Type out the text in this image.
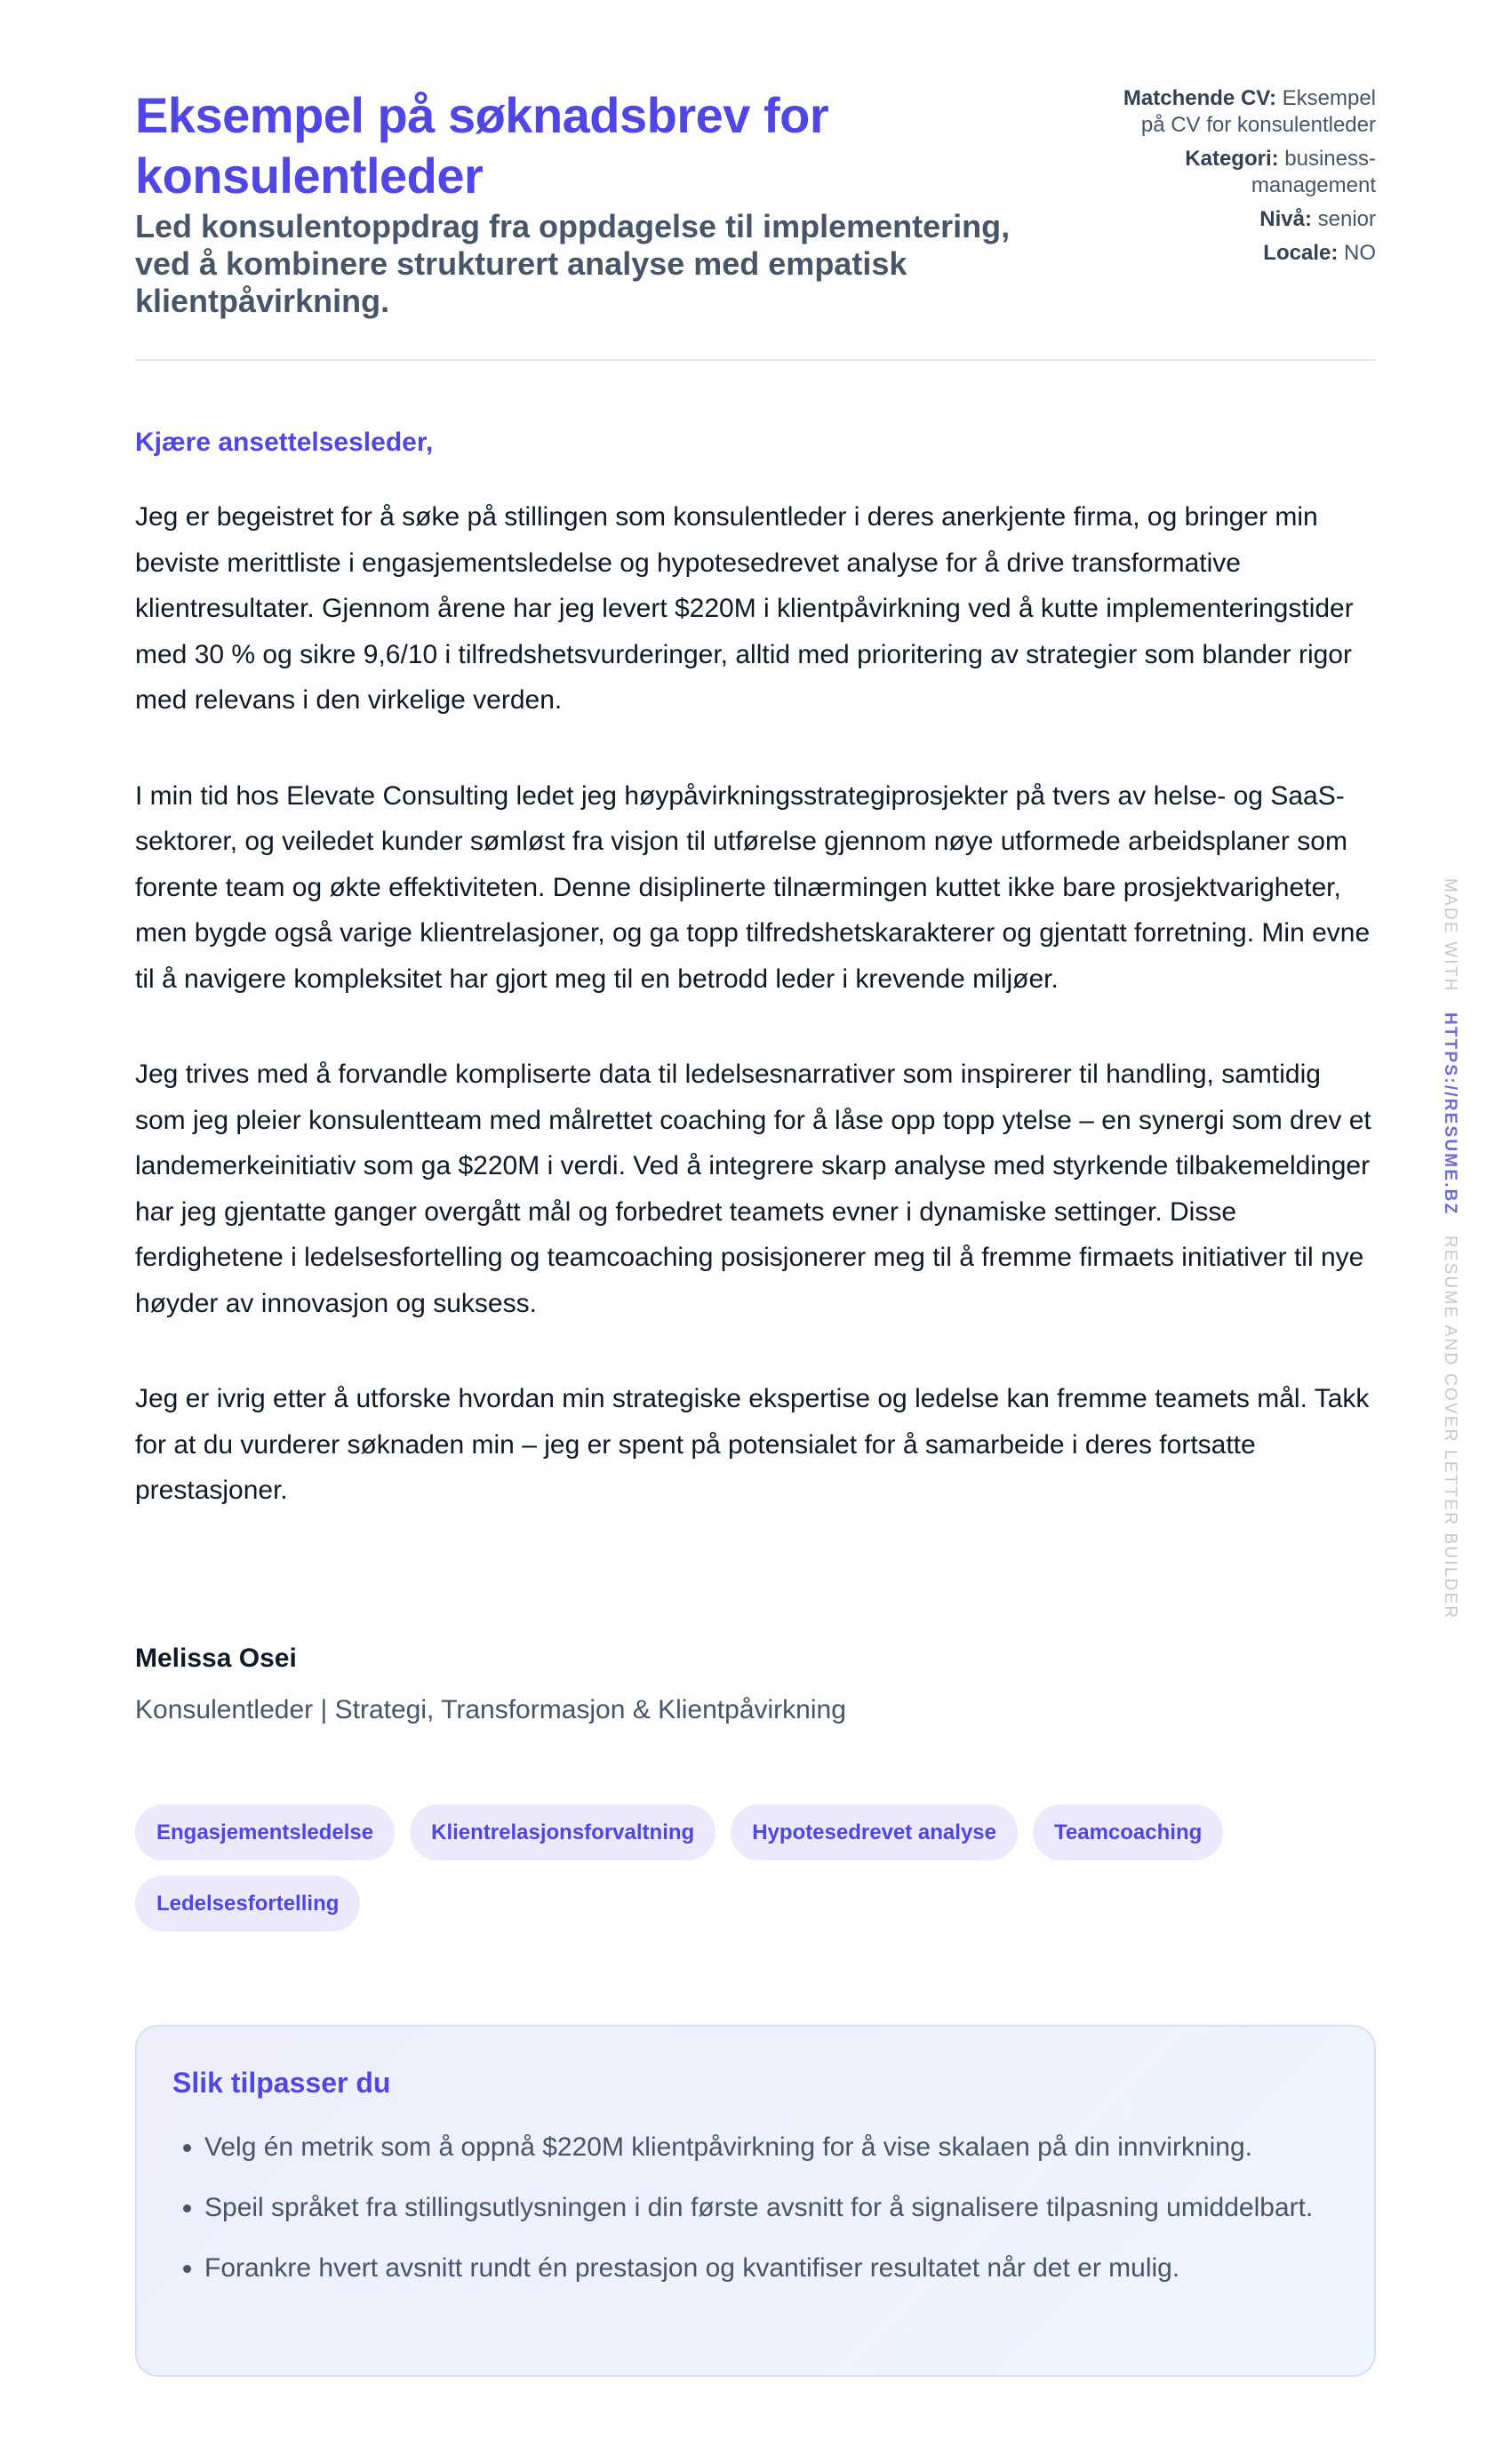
Eksempel på søknadsbrev for konsulentleder

Led konsulentoppdrag fra oppdagelse til implementering, ved å kombinere strukturert analyse med empatisk klientpåvirkning.

Matchende CV: Eksempel på CV for konsulentleder
Kategori: business-management
Nivå: senior
Locale: NO
Kjære ansettelsesleder,

Jeg er begeistret for å søke på stillingen som konsulentleder i deres anerkjente firma, og bringer min beviste merittliste i engasjementsledelse og hypotesedrevet analyse for å drive transformative klientresultater. Gjennom årene har jeg levert $220M i klientpåvirkning ved å kutte implementeringstider med 30 % og sikre 9,6/10 i tilfredshetsvurderinger, alltid med prioritering av strategier som blander rigor med relevans i den virkelige verden.

I min tid hos Elevate Consulting ledet jeg høypåvirkningsstrategiprosjekter på tvers av helse- og SaaS-sektorer, og veiledet kunder sømløst fra visjon til utførelse gjennom nøye utformede arbeidsplaner som forente team og økte effektiviteten. Denne disiplinerte tilnærmingen kuttet ikke bare prosjektvarigheter, men bygde også varige klientrelasjoner, og ga topp tilfredshetskarakterer og gjentatt forretning. Min evne til å navigere kompleksitet har gjort meg til en betrodd leder i krevende miljøer.

Jeg trives med å forvandle kompliserte data til ledelsesnarrativer som inspirerer til handling, samtidig som jeg pleier konsulentteam med målrettet coaching for å låse opp topp ytelse – en synergi som drev et landemerkeinitiativ som ga $220M i verdi. Ved å integrere skarp analyse med styrkende tilbakemeldinger har jeg gjentatte ganger overgått mål og forbedret teamets evner i dynamiske settinger. Disse ferdighetene i ledelsesfortelling og teamcoaching posisjonerer meg til å fremme firmaets initiativer til nye høyder av innovasjon og suksess.

Jeg er ivrig etter å utforske hvordan min strategiske ekspertise og ledelse kan fremme teamets mål. Takk for at du vurderer søknaden min – jeg er spent på potensialet for å samarbeide i deres fortsatte prestasjoner.

Melissa Osei
Konsulentleder | Strategi, Transformasjon & Klientpåvirkning
Engasjementsledelse	Klientrelasjonsforvaltning	Hypotesedrevet analyse	Teamcoaching
Ledelsesfortelling
Slik tilpasser du
• Velg én metrik som å oppnå $220M klientpåvirkning for å vise skalaen på din innvirkning.
• Speil språket fra stillingsutlysningen i din første avsnitt for å signalisere tilpasning umiddelbart.
• Forankre hvert avsnitt rundt én prestasjon og kvantifiser resultatet når det er mulig.
MADE WITH   HTTPS://RESUME.BZ   RESUME AND COVER LETTER BUILDER
